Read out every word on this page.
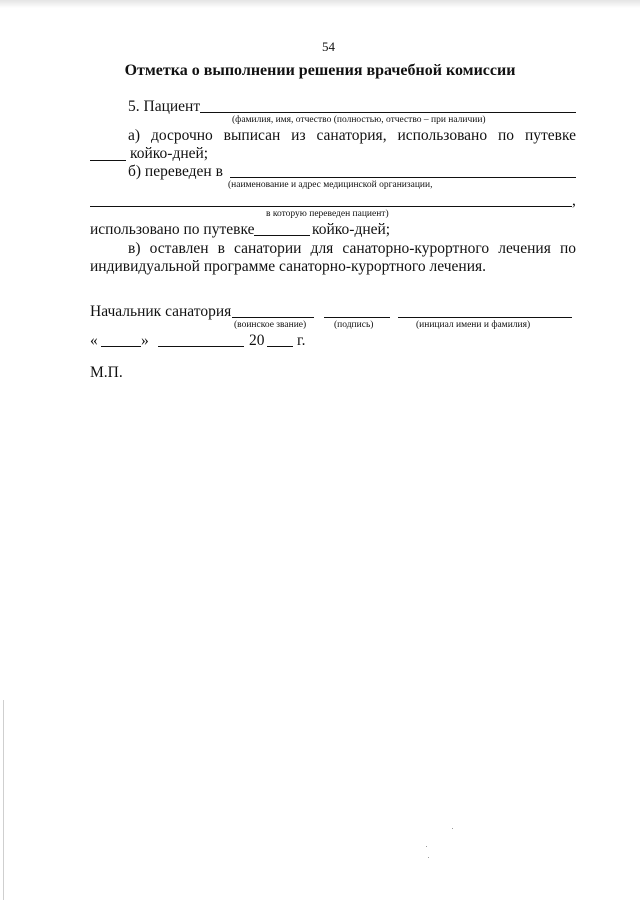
54
Отметка о выполнении решения врачебной комиссии
5. Пациент
(фамилия, имя, отчество (полностью, отчество – при наличии)
а) досрочно выписан из санатория, использовано по путевке
койко-дней;
б) переведен в
(наименование и адрес медицинской организации,
,
в которую переведен пациент)
использовано по путевке	койко-дней;
в) оставлен в санатории для санаторно-курортного лечения по
индивидуальной программе санаторно-курортного лечения.
Начальник санатория
(воинское звание)	(подпись)	(инициал имени и фамилия)
«	»	20 г.
М.П.
